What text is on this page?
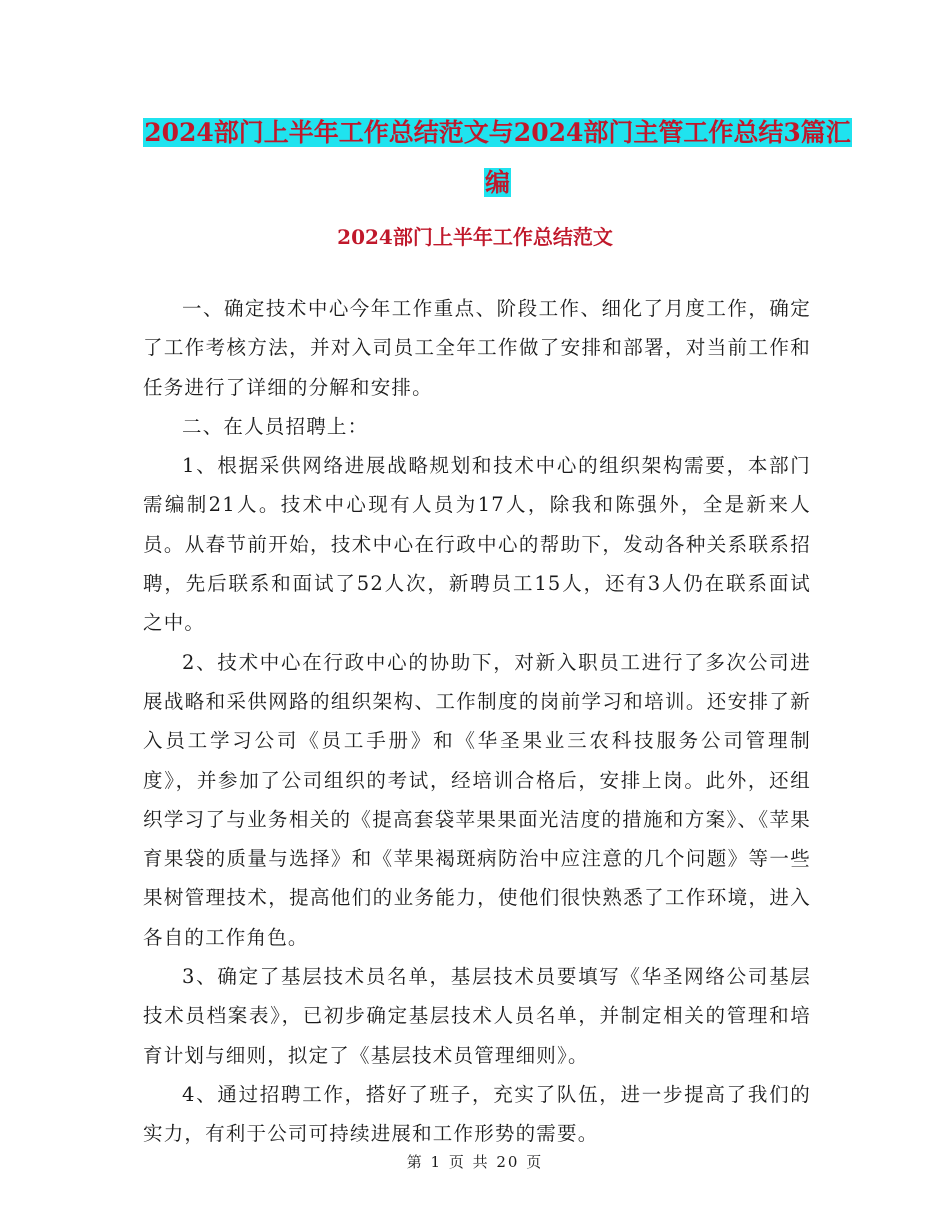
2024部门上半年工作总结范文与2024部门主管工作总结3篇汇编
2024部门上半年工作总结范文

一、确定技术中心今年工作重点、阶段工作、细化了月度工作，确定了工作考核方法，并对入司员工全年工作做了安排和部署，对当前工作和任务进行了详细的分解和安排。

二、在人员招聘上：

1、根据采供网络进展战略规划和技术中心的组织架构需要，本部门需编制21人。技术中心现有人员为17人，除我和陈强外，全是新来人员。从春节前开始，技术中心在行政中心的帮助下，发动各种关系联系招聘，先后联系和面试了52人次，新聘员工15人，还有3人仍在联系面试之中。

2、技术中心在行政中心的协助下，对新入职员工进行了多次公司进展战略和采供网路的组织架构、工作制度的岗前学习和培训。还安排了新入员工学习公司《员工手册》和《华圣果业三农科技服务公司管理制度》，并参加了公司组织的考试，经培训合格后，安排上岗。此外，还组织学习了与业务相关的《提高套袋苹果果面光洁度的措施和方案》、《苹果育果袋的质量与选择》和《苹果褐斑病防治中应注意的几个问题》等一些果树管理技术，提高他们的业务能力，使他们很快熟悉了工作环境，进入各自的工作角色。

3、确定了基层技术员名单，基层技术员要填写《华圣网络公司基层技术员档案表》，已初步确定基层技术人员名单，并制定相关的管理和培育计划与细则，拟定了《基层技术员管理细则》。

4、通过招聘工作，搭好了班子，充实了队伍，进一步提高了我们的实力，有利于公司可持续进展和工作形势的需要。

第 1 页 共 20 页
